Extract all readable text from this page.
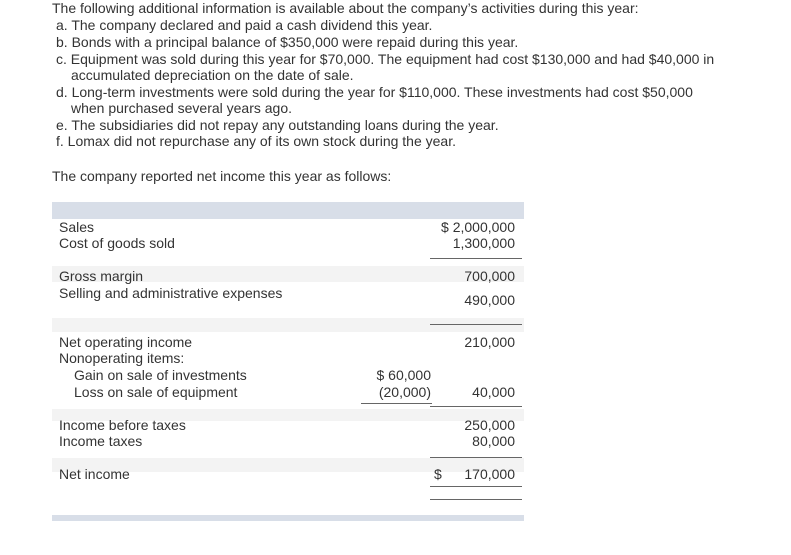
The following additional information is available about the company’s activities during this year:
a. The company declared and paid a cash dividend this year.
b. Bonds with a principal balance of $350,000 were repaid during this year.
c. Equipment was sold during this year for $70,000. The equipment had cost $130,000 and had $40,000 in
accumulated depreciation on the date of sale.
d. Long-term investments were sold during the year for $110,000. These investments had cost $50,000
when purchased several years ago.
e. The subsidiaries did not repay any outstanding loans during the year.
f. Lomax did not repurchase any of its own stock during the year.
The company reported net income this year as follows:
Sales
Cost of goods sold
Gross margin
Selling and administrative expenses
Net operating income
Nonoperating items:
Gain on sale of investments
Loss on sale of equipment
Income before taxes
Income taxes
Net income
$ 60,000
(20,000)
$ 2,000,000
1,300,000
700,000
490,000
210,000
40,000
250,000
80,000
$ 170,000
